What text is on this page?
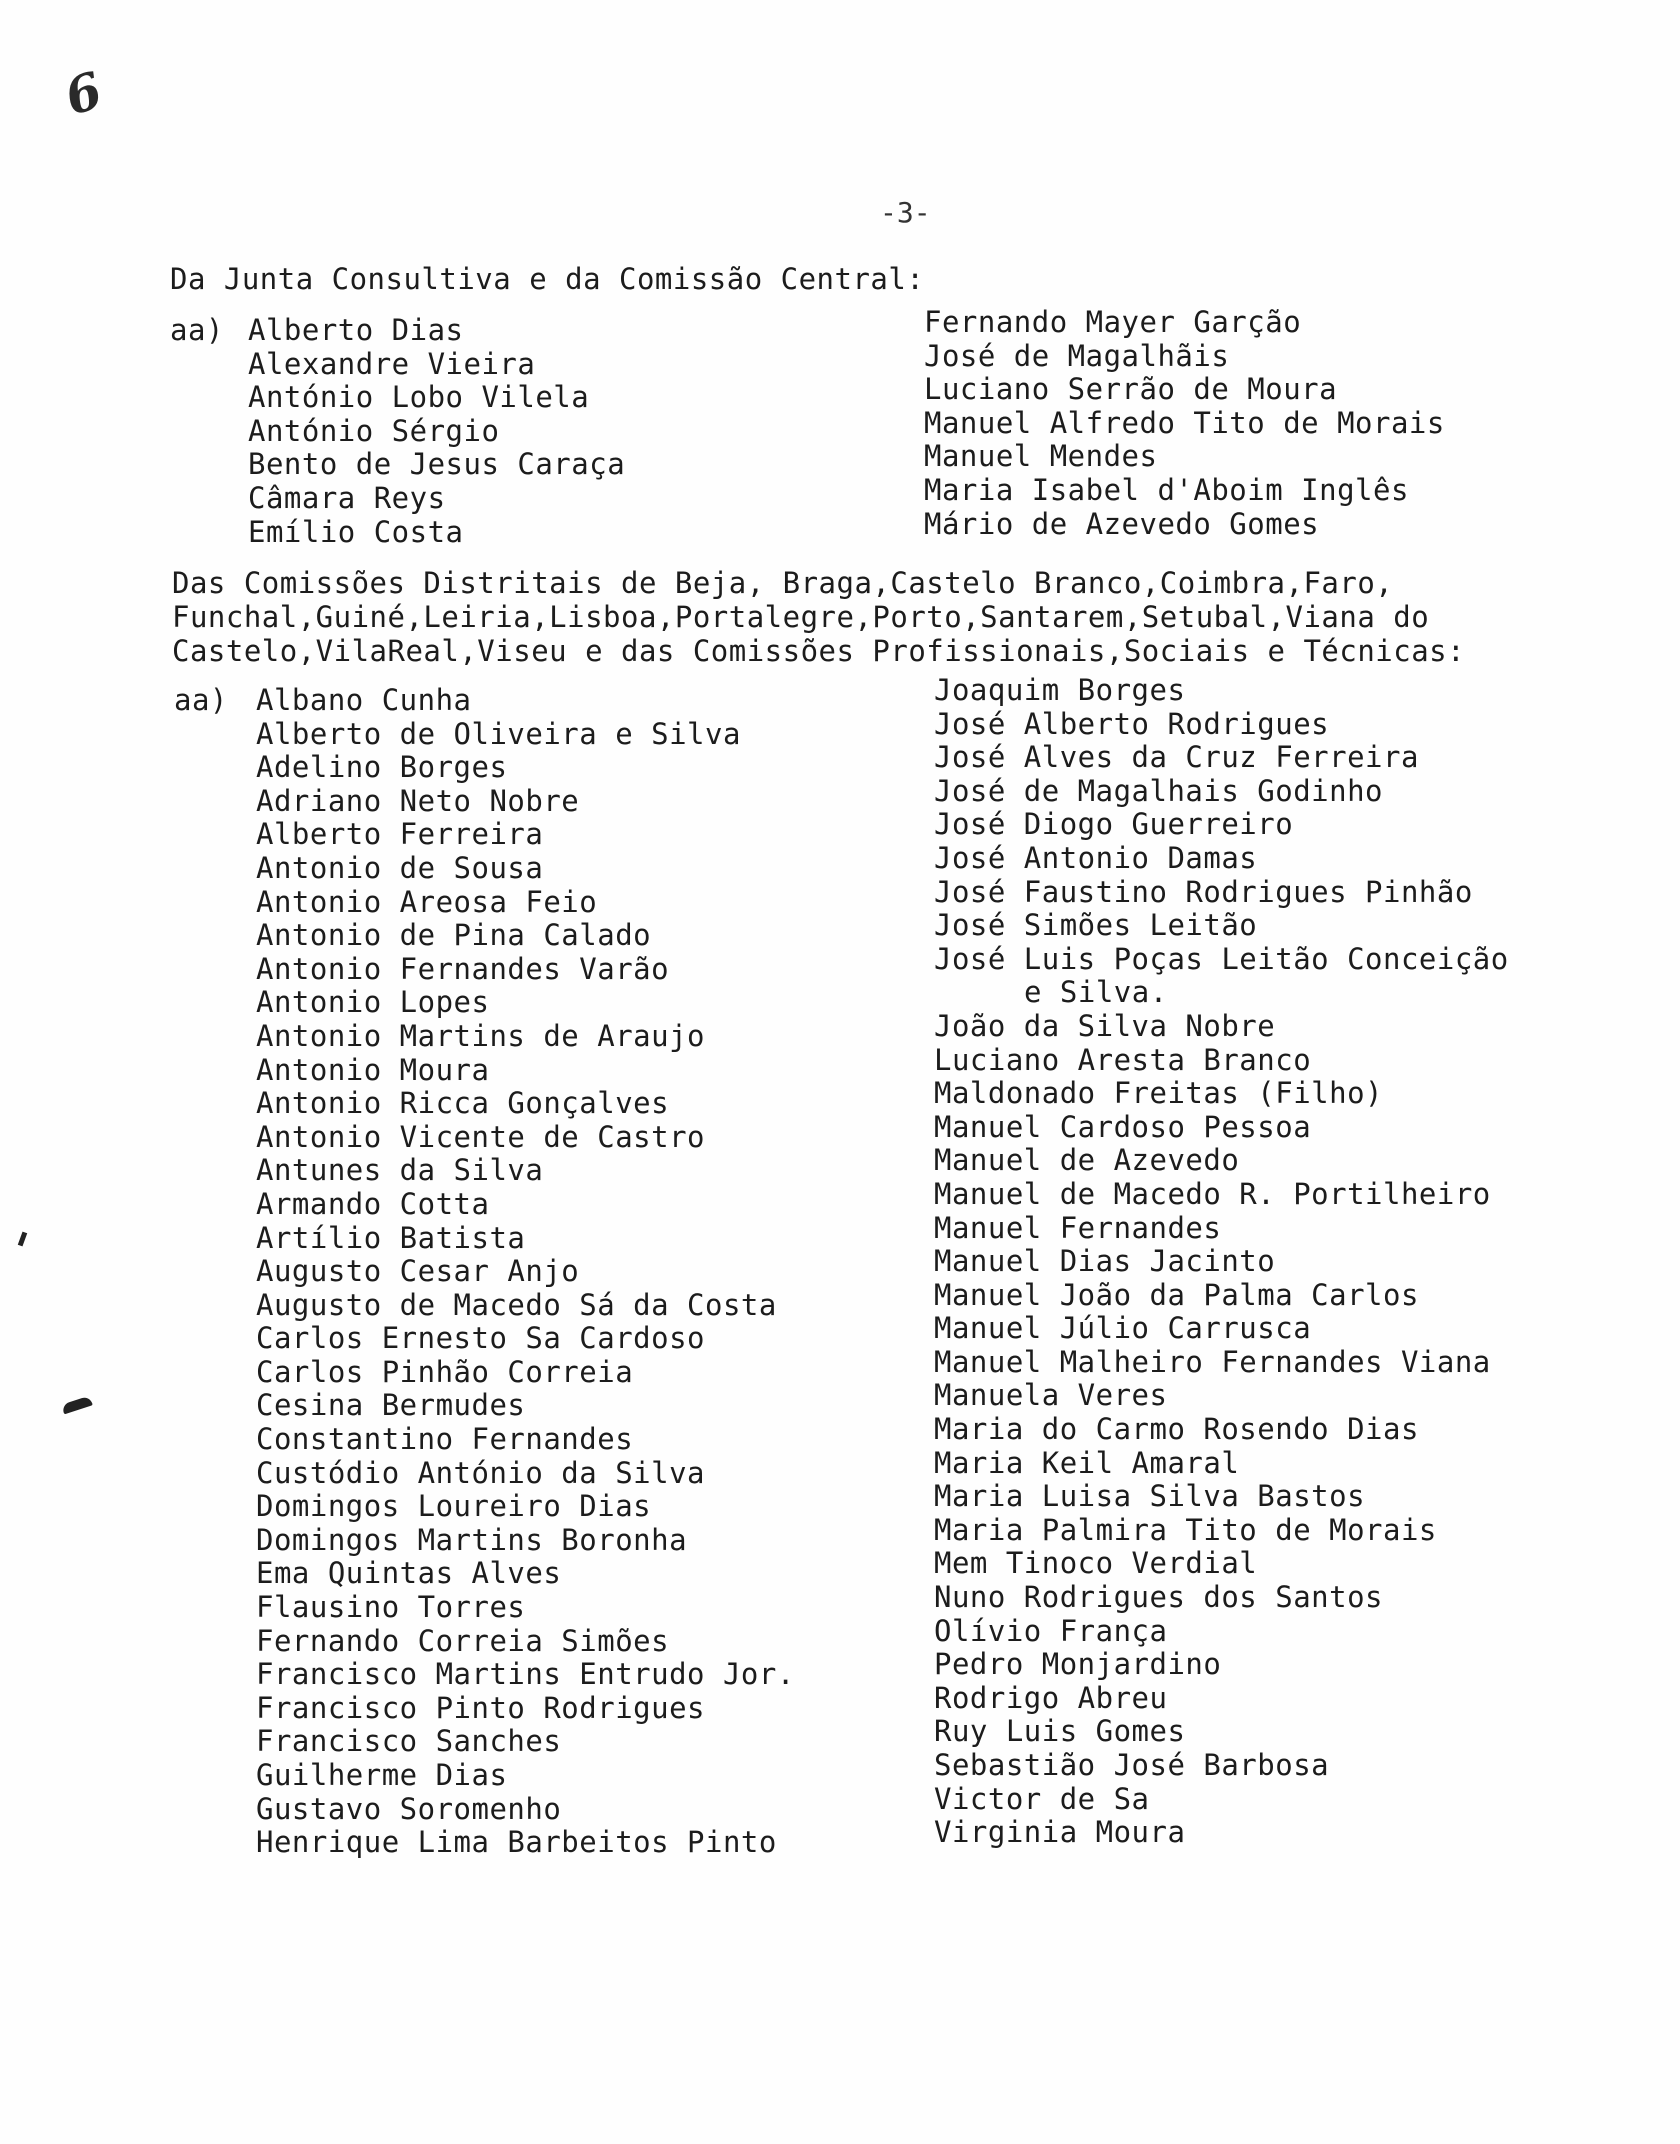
6
-3-
Da Junta Consultiva e da Comissão Central:
aa) Alberto Dias
Alexandre Vieira
António Lobo Vilela
António Sérgio
Bento de Jesus Caraça
Câmara Reys
Emílio Costa
Fernando Mayer Garção
José de Magalhãis
Luciano Serrão de Moura
Manuel Alfredo Tito de Morais
Manuel Mendes
Maria Isabel d'Aboim Inglês
Mário de Azevedo Gomes
Das Comissões Distritais de Beja, Braga,Castelo Branco,Coimbra,Faro,
Funchal,Guiné,Leiria,Lisboa,Portalegre,Porto,Santarem,Setubal,Viana do
Castelo,VilaReal,Viseu e das Comissões Profissionais,Sociais e Técnicas:
aa) Albano Cunha
Alberto de Oliveira e Silva
Adelino Borges
Adriano Neto Nobre
Alberto Ferreira
Antonio de Sousa
Antonio Areosa Feio
Antonio de Pina Calado
Antonio Fernandes Varão
Antonio Lopes
Antonio Martins de Araujo
Antonio Moura
Antonio Ricca Gonçalves
Antonio Vicente de Castro
Antunes da Silva
Armando Cotta
Artílio Batista
Augusto Cesar Anjo
Augusto de Macedo Sá da Costa
Carlos Ernesto Sa Cardoso
Carlos Pinhão Correia
Cesina Bermudes
Constantino Fernandes
Custódio António da Silva
Domingos Loureiro Dias
Domingos Martins Boronha
Ema Quintas Alves
Flausino Torres
Fernando Correia Simões
Francisco Martins Entrudo Jor.
Francisco Pinto Rodrigues
Francisco Sanches
Guilherme Dias
Gustavo Soromenho
Henrique Lima Barbeitos Pinto
Joaquim Borges
José Alberto Rodrigues
José Alves da Cruz Ferreira
José de Magalhais Godinho
José Diogo Guerreiro
José Antonio Damas
José Faustino Rodrigues Pinhão
José Simões Leitão
José Luis Poças Leitão Conceição
e Silva.
João da Silva Nobre
Luciano Aresta Branco
Maldonado Freitas (Filho)
Manuel Cardoso Pessoa
Manuel de Azevedo
Manuel de Macedo R. Portilheiro
Manuel Fernandes
Manuel Dias Jacinto
Manuel João da Palma Carlos
Manuel Júlio Carrusca
Manuel Malheiro Fernandes Viana
Manuela Veres
Maria do Carmo Rosendo Dias
Maria Keil Amaral
Maria Luisa Silva Bastos
Maria Palmira Tito de Morais
Mem Tinoco Verdial
Nuno Rodrigues dos Santos
Olívio França
Pedro Monjardino
Rodrigo Abreu
Ruy Luis Gomes
Sebastião José Barbosa
Victor de Sa
Virginia Moura
